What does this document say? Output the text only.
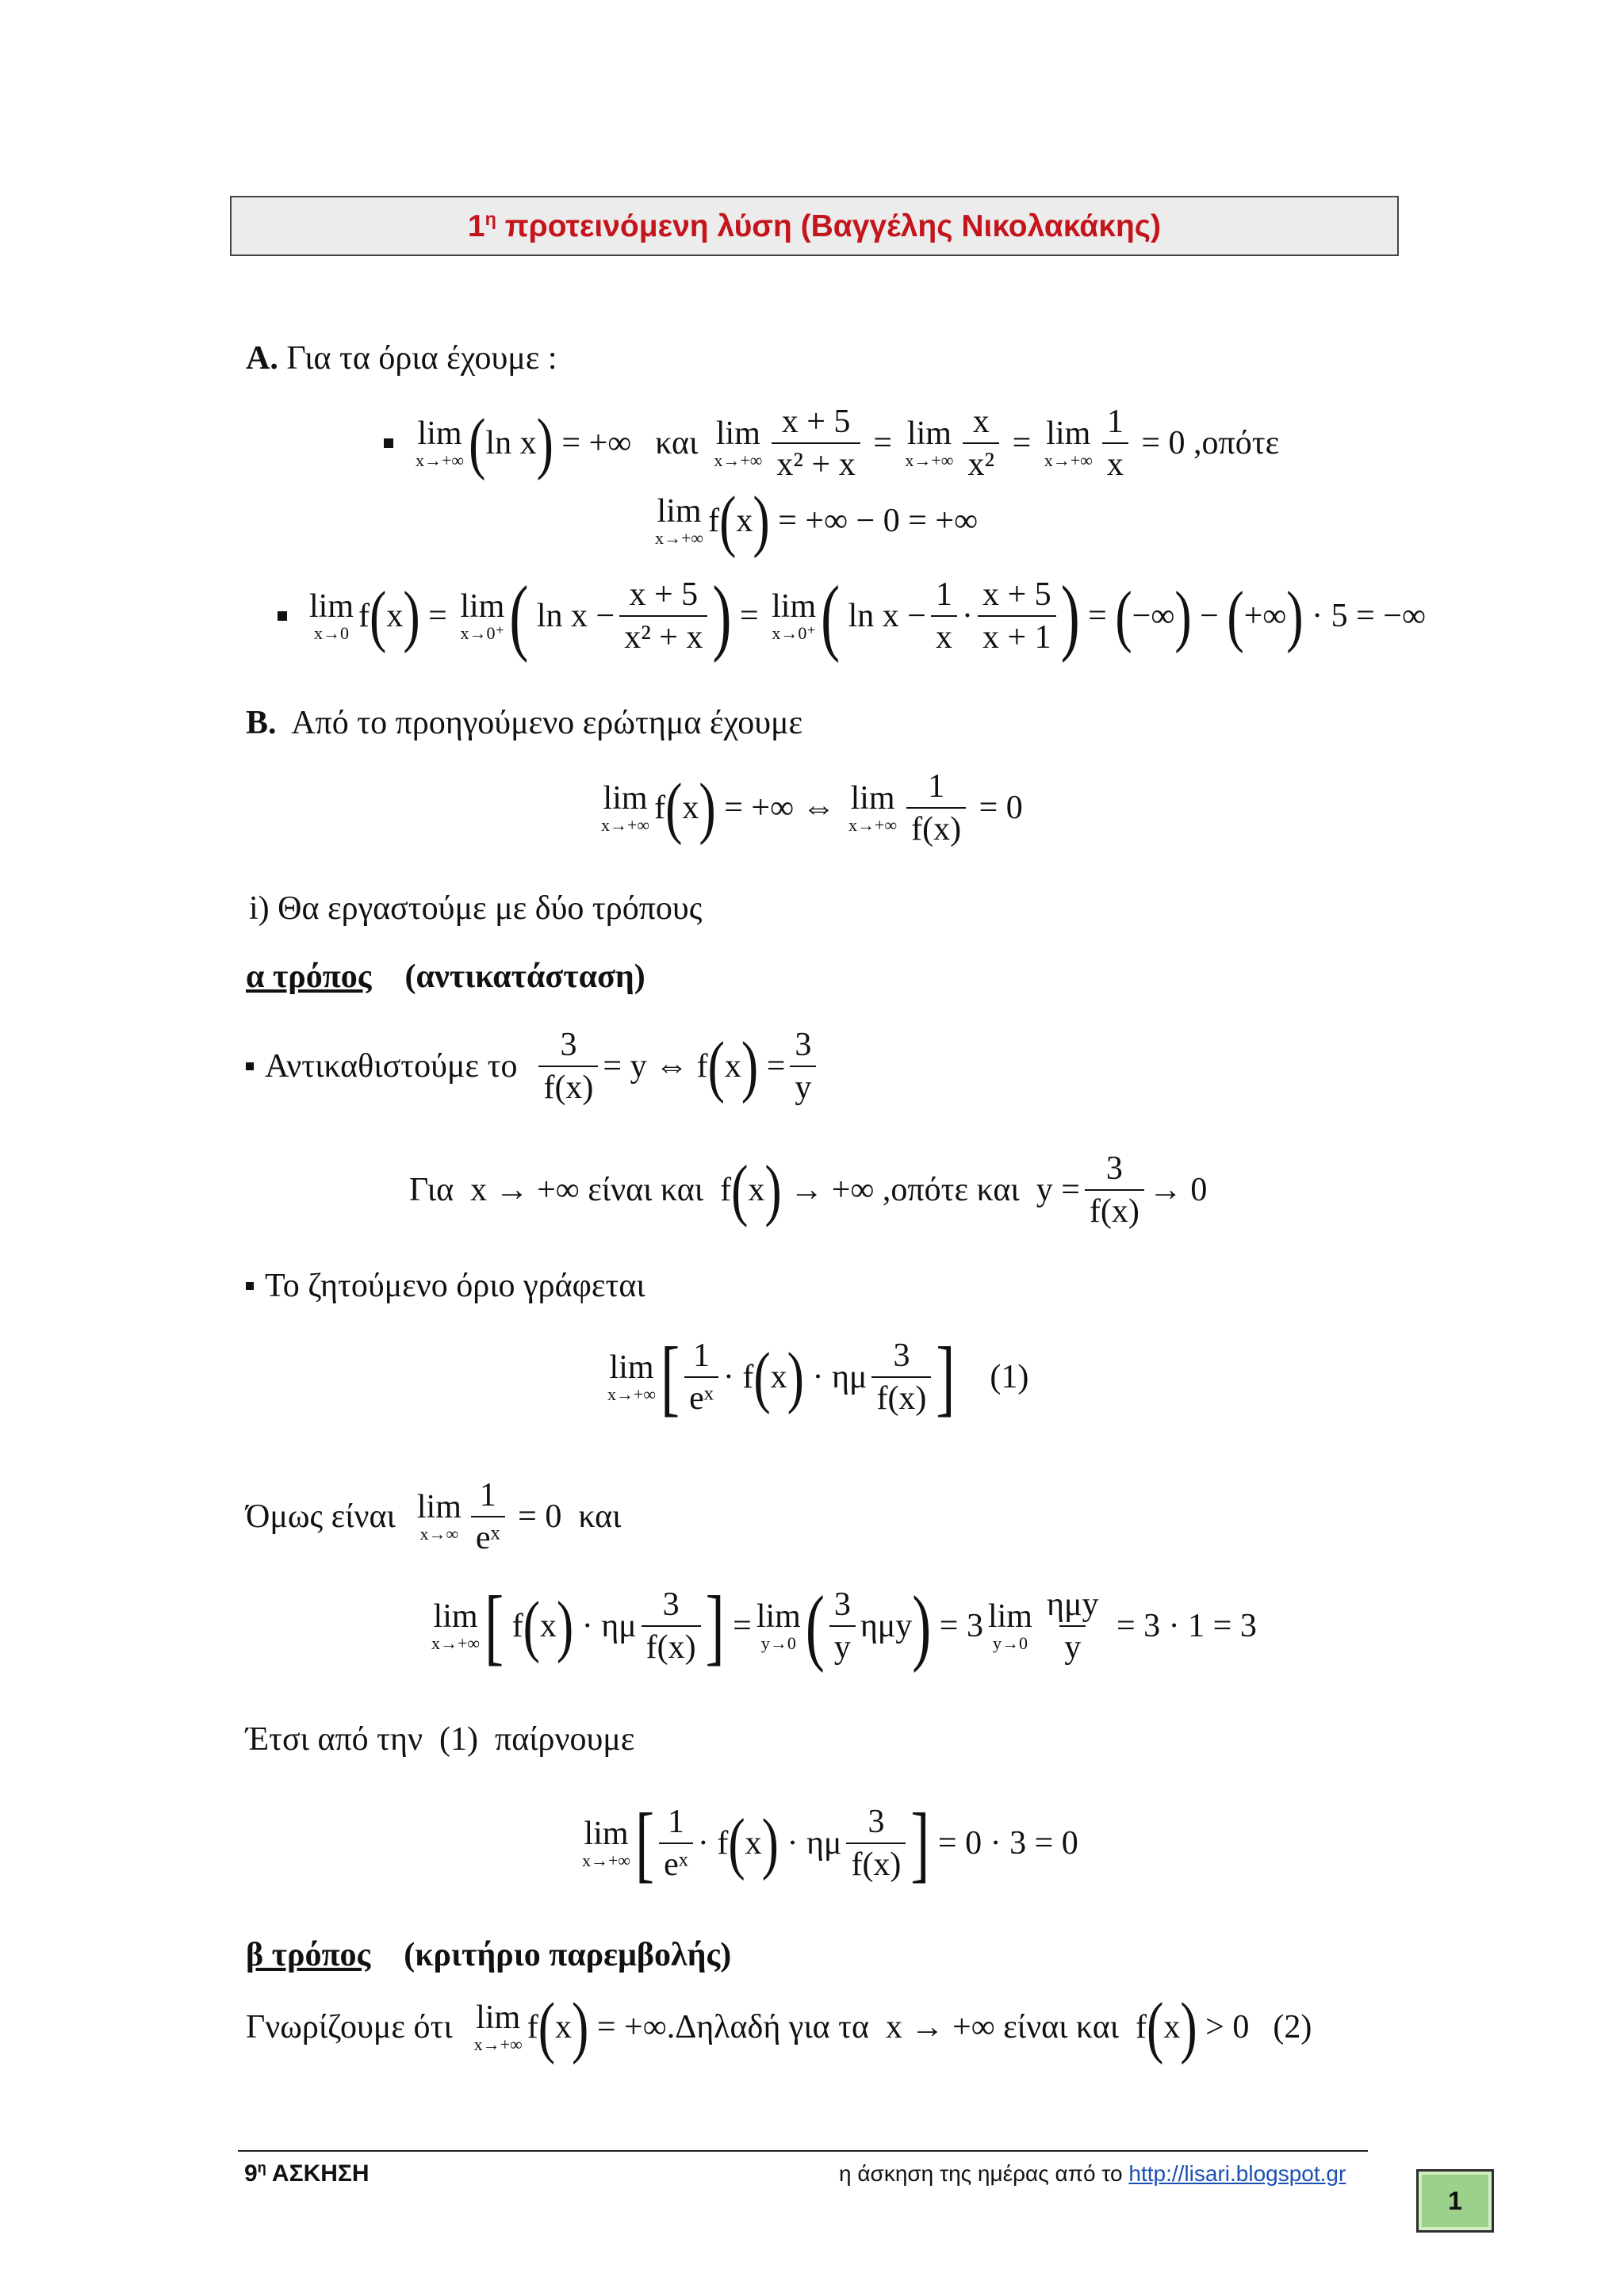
$1^\eta$ προτεινόμενη λύση (Βαγγέλης Νικολακάκης)
Α. Για τα όρια έχουμε :
lim
x→+∞ ( ln x ) = +∞ και lim
$x\to+\infty \frac{x + 5}{\text{x² + x}} = \lim$
$x\to+\infty \frac{x}{\text{x²}} = \lim$
$x\to+\infty \frac{1}{x} = 0$ ,οπότε
lim
x→+∞ f ( x ) = +∞ − 0 = +∞
lim
x→0 f ( x ) = lim
x→0⁺ ( $\ln x - \frac{x + 5}{\text{x² + x}}$ ) = lim
x→0⁺ ( $\ln x - \frac{1}{x} \cdot \frac{x + 5}{x + 1}$ ) = ( −∞ ) − ( +∞ ) · 5 = −∞
Β. Από το προηγούμενο ερώτημα έχουμε
lim
x→+∞ f ( x ) = +∞ ⇔ lim
$x\to+\infty \frac{1}{f(x)} = 0$
i) Θα εργαστούμε με δύο τρόπους
α τρόπος (αντικατάσταση)
Αντικαθιστούμε το
$\frac{3}{f(x)} = y$ ⇔ f ( x ) = $\frac{3}{y}$
Για x → +∞ είναι και f ( x ) → +∞ ,οπότε και $y = \frac{3}{f(x)} \to 0$
Το ζητούμενο όριο γράφεται
lim
x→+∞ [ $\frac{1}{\text{eˣ}} \cdot f$ ( x ) · ημ $\frac{3}{f(x)}$ ] (1)
Όμως είναι
lim
$x\to\infty \frac{1}{\text{eˣ}} = 0$ και
lim
x→+∞ [ f ( x ) · ημ $\frac{3}{f(x)}$ ] = lim
y→0 ( $\frac{3}{y}$ ημy ) = 3 lim
$y\to 0 \frac{\text{ημy}}{y} = 3 \cdot 1 = 3$
Έτσι από την
(1)
παίρνουμε
lim
x→+∞ [ $\frac{1}{\text{eˣ}} \cdot f$ ( x ) · ημ $\frac{3}{f(x)}$ ] = 0 · 3 = 0
β τρόπος (κριτήριο παρεμβολής)
Γνωρίζουμε ότι
lim
x→+∞ f ( x ) = +∞ .Δηλαδή για τα x → +∞ είναι και f ( x ) > 0 (2)
$9^\eta$ ΑΣΚΗΣΗ	η άσκηση της ημέρας από το http://lisari.blogspot.gr
1
